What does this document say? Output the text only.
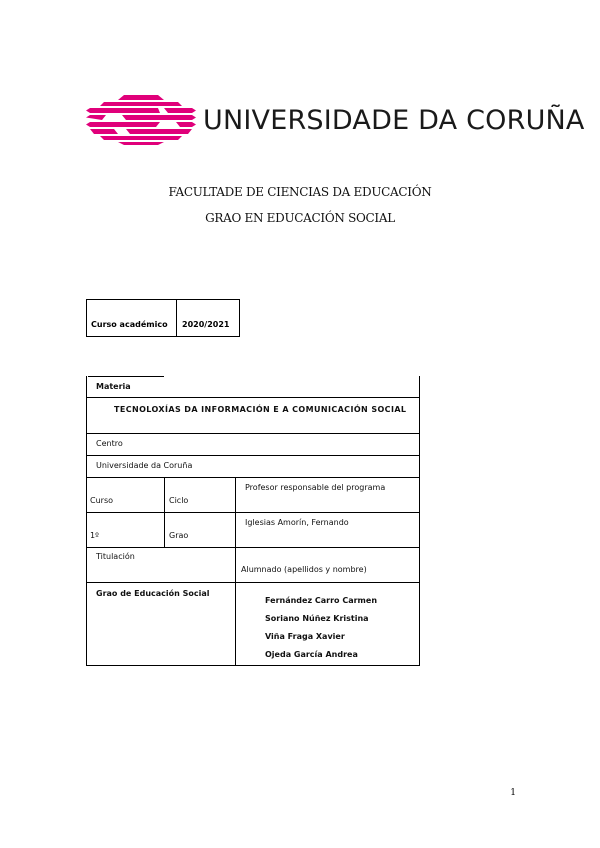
UNIVERSIDADE DA CORUÑA
FACULTADE DE CIENCIAS DA EDUCACIÓN
GRAO EN EDUCACIÓN SOCIAL
Curso académico 2020/2021
Materia
TECNOLOXÍAS DA INFORMACIÓN E A COMUNICACIÓN SOCIAL
Centro
Universidade da Coruña
Curso	Ciclo
Profesor responsable del programa
1º	Grao
Iglesias Amorín, Fernando
Titulación
Alumnado (apellidos y nombre)
Grao de Educación Social
Fernández Carro Carmen
Soriano Núñez Kristina
Viña Fraga Xavier
Ojeda García Andrea
1
